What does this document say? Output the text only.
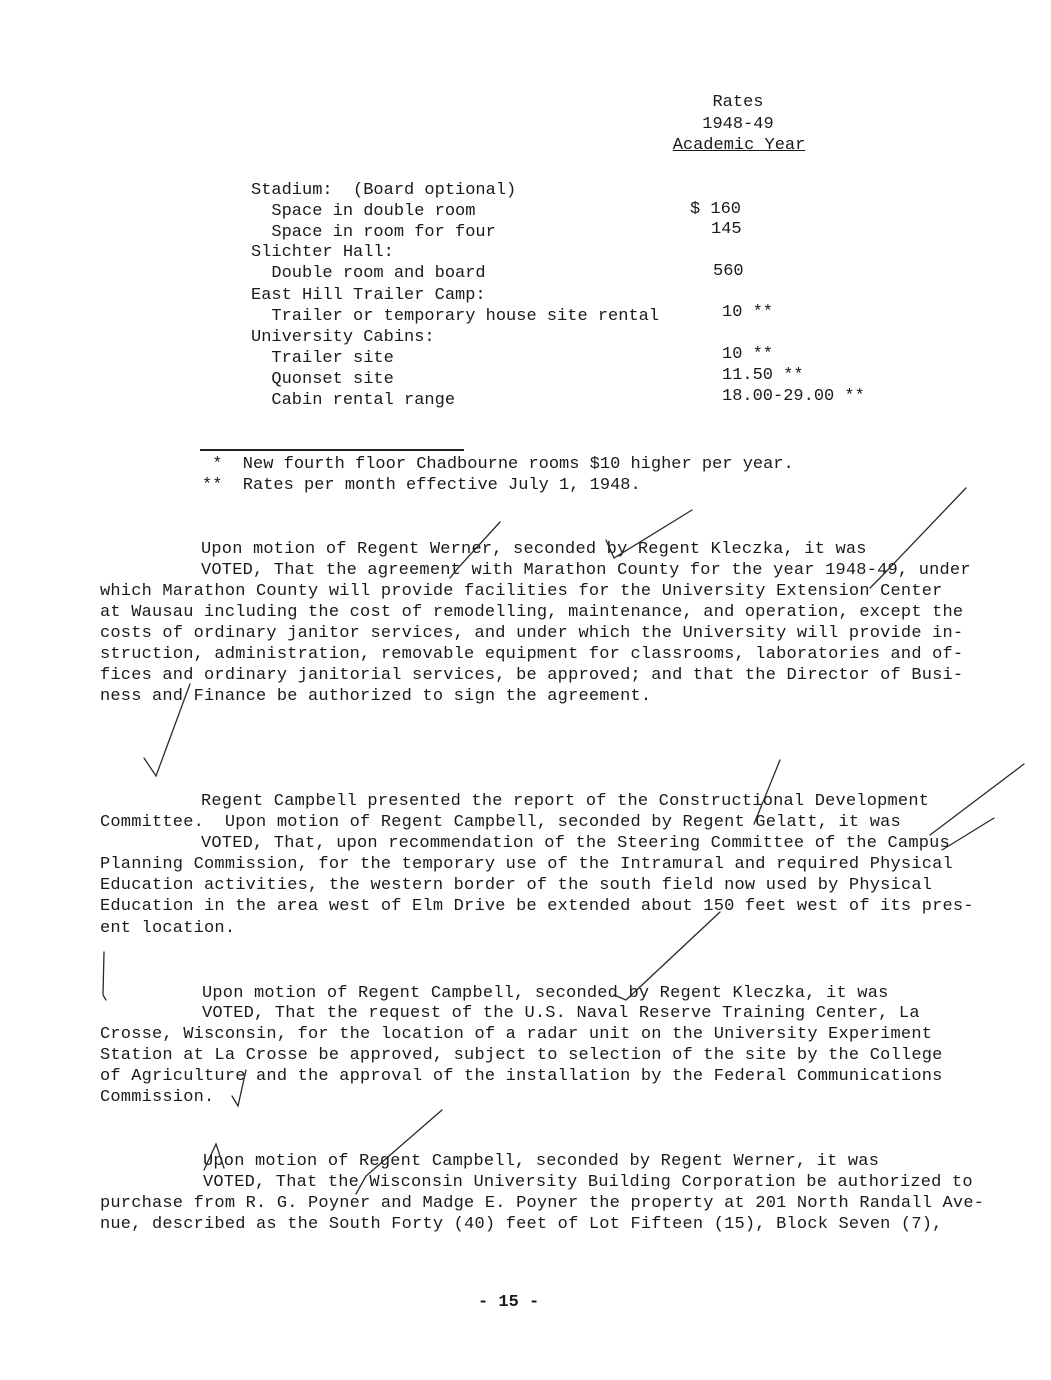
Rates
1948-49
Academic Year
Stadium:  (Board optional)
Space in double room
Space in room for four
Slichter Hall:
Double room and board
East Hill Trailer Camp:
Trailer or temporary house site rental
University Cabins:
Trailer site
Quonset site
Cabin rental range
$ 160
145
560
10 **
10 **
11.50 **
18.00-29.00 **
*  New fourth floor Chadbourne rooms $10 higher per year.
**  Rates per month effective July 1, 1948.
Upon motion of Regent Werner, seconded by Regent Kleczka, it was
VOTED, That the agreement with Marathon County for the year 1948-49, under
which Marathon County will provide facilities for the University Extension Center
at Wausau including the cost of remodelling, maintenance, and operation, except the
costs of ordinary janitor services, and under which the University will provide in-
struction, administration, removable equipment for classrooms, laboratories and of-
fices and ordinary janitorial services, be approved; and that the Director of Busi-
ness and Finance be authorized to sign the agreement.
Regent Campbell presented the report of the Constructional Development
Committee.  Upon motion of Regent Campbell, seconded by Regent Gelatt, it was
VOTED, That, upon recommendation of the Steering Committee of the Campus
Planning Commission, for the temporary use of the Intramural and required Physical
Education activities, the western border of the south field now used by Physical
Education in the area west of Elm Drive be extended about 150 feet west of its pres-
ent location.
Upon motion of Regent Campbell, seconded by Regent Kleczka, it was
VOTED, That the request of the U.S. Naval Reserve Training Center, La
Crosse, Wisconsin, for the location of a radar unit on the University Experiment
Station at La Crosse be approved, subject to selection of the site by the College
of Agriculture and the approval of the installation by the Federal Communications
Commission.
Upon motion of Regent Campbell, seconded by Regent Werner, it was
VOTED, That the Wisconsin University Building Corporation be authorized to
purchase from R. G. Poyner and Madge E. Poyner the property at 201 North Randall Ave-
nue, described as the South Forty (40) feet of Lot Fifteen (15), Block Seven (7),
- 15 -
